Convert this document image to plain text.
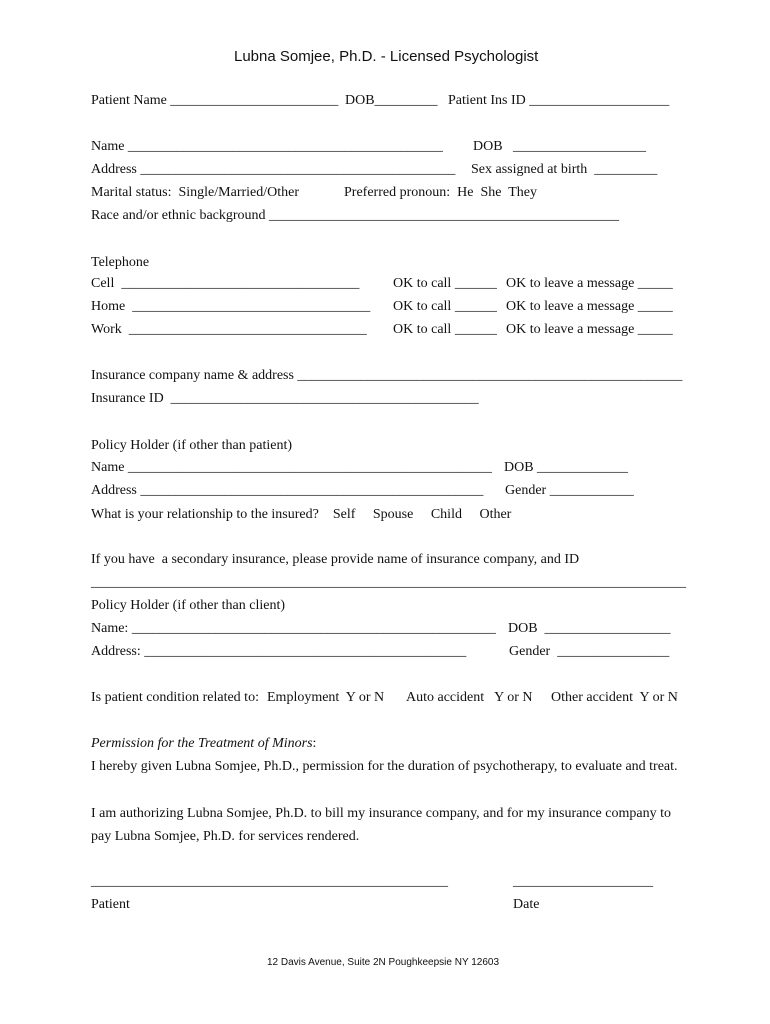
Lubna Somjee, Ph.D. - Licensed Psychologist
Patient Name ________________________ DOB_________ Patient Ins ID ____________________
Name _____________________________________________ DOB   ___________________
Address _____________________________________________ Sex assigned at birth  _________
Marital status:  Single/Married/Other	Preferred pronoun:  He  She  They
Race and/or ethnic background __________________________________________________
Telephone
Cell  __________________________________ OK to call ______ OK to leave a message _____
Home  __________________________________ OK to call ______ OK to leave a message _____
Work  __________________________________ OK to call ______ OK to leave a message _____
Insurance company name & address _______________________________________________________
Insurance ID  ____________________________________________
Policy Holder (if other than patient)
Name ____________________________________________________ DOB _____________
Address _________________________________________________ Gender ____________
What is your relationship to the insured?    Self     Spouse     Child     Other
If you have  a secondary insurance, please provide name of insurance company, and ID
_____________________________________________________________________________________
Policy Holder (if other than client)
Name: ____________________________________________________ DOB  __________________
Address: ______________________________________________	Gender  ________________
Is patient condition related to: Employment  Y or N Auto accident   Y or N Other accident  Y or N
Permission for the Treatment of Minors:
I hereby given Lubna Somjee, Ph.D., permission for the duration of psychotherapy, to evaluate and treat.
I am authorizing Lubna Somjee, Ph.D. to bill my insurance company, and for my insurance company to
pay Lubna Somjee, Ph.D. for services rendered.
___________________________________________________	____________________
Patient	Date
12 Davis Avenue, Suite 2N Poughkeepsie NY 12603
